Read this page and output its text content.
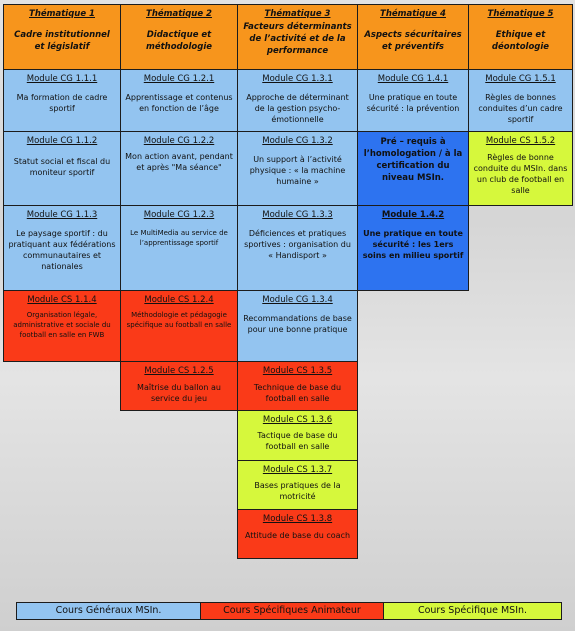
Thématique 1
Cadre institutionnel et législatif
Thématique 2
Didactique et méthodologie
Thématique 3
Facteurs déterminants de l’activité et de la performance
Thématique 4
Aspects sécuritaires et préventifs
Thématique 5
Ethique et déontologie
Module CG 1.1.1
Ma formation de cadre sportif
Module CG 1.2.1
Apprentissage et contenus en fonction de l’âge
Module CG 1.3.1
Approche de déterminant de la gestion psycho-émotionnelle
Module CG 1.4.1
Une pratique en toute sécurité : la prévention
Module CG 1.5.1
Règles de bonnes conduites d’un cadre sportif
Module CG 1.1.2
Statut social et fiscal du moniteur sportif
Module CG 1.2.2
Mon action avant, pendant et après "Ma séance"
Module CG 1.3.2
Un support à l’activité physique : « la machine humaine »
Pré – requis à l’homologation / à la certification du niveau MSIn.
Module CS 1.5.2
Règles de bonne conduite du MSIn. dans un club de football en salle
Module CG 1.1.3
Le paysage sportif : du pratiquant aux fédérations communautaires et nationales
Module CG 1.2.3
Le MultiMedia au service de l’apprentissage sportif
Module CG 1.3.3
Déficiences et pratiques sportives : organisation du « Handisport »
Module 1.4.2
Une pratique en toute sécurité : les 1ers soins en milieu sportif
Module CS 1.1.4
Organisation légale, administrative et sociale du football en salle en FWB
Module CS 1.2.4
Méthodologie et pédagogie spécifique au football en salle
Module CG 1.3.4
Recommandations de base pour une bonne pratique
Module CS 1.2.5
Maîtrise du ballon au service du jeu
Module CS 1.3.5
Technique de base du football en salle
Module CS 1.3.6
Tactique de base du football en salle
Module CS 1.3.7
Bases pratiques de la motricité
Module CS 1.3.8
Attitude de base du coach
Cours Généraux MSIn.	Cours Spécifiques Animateur	Cours Spécifique MSIn.
